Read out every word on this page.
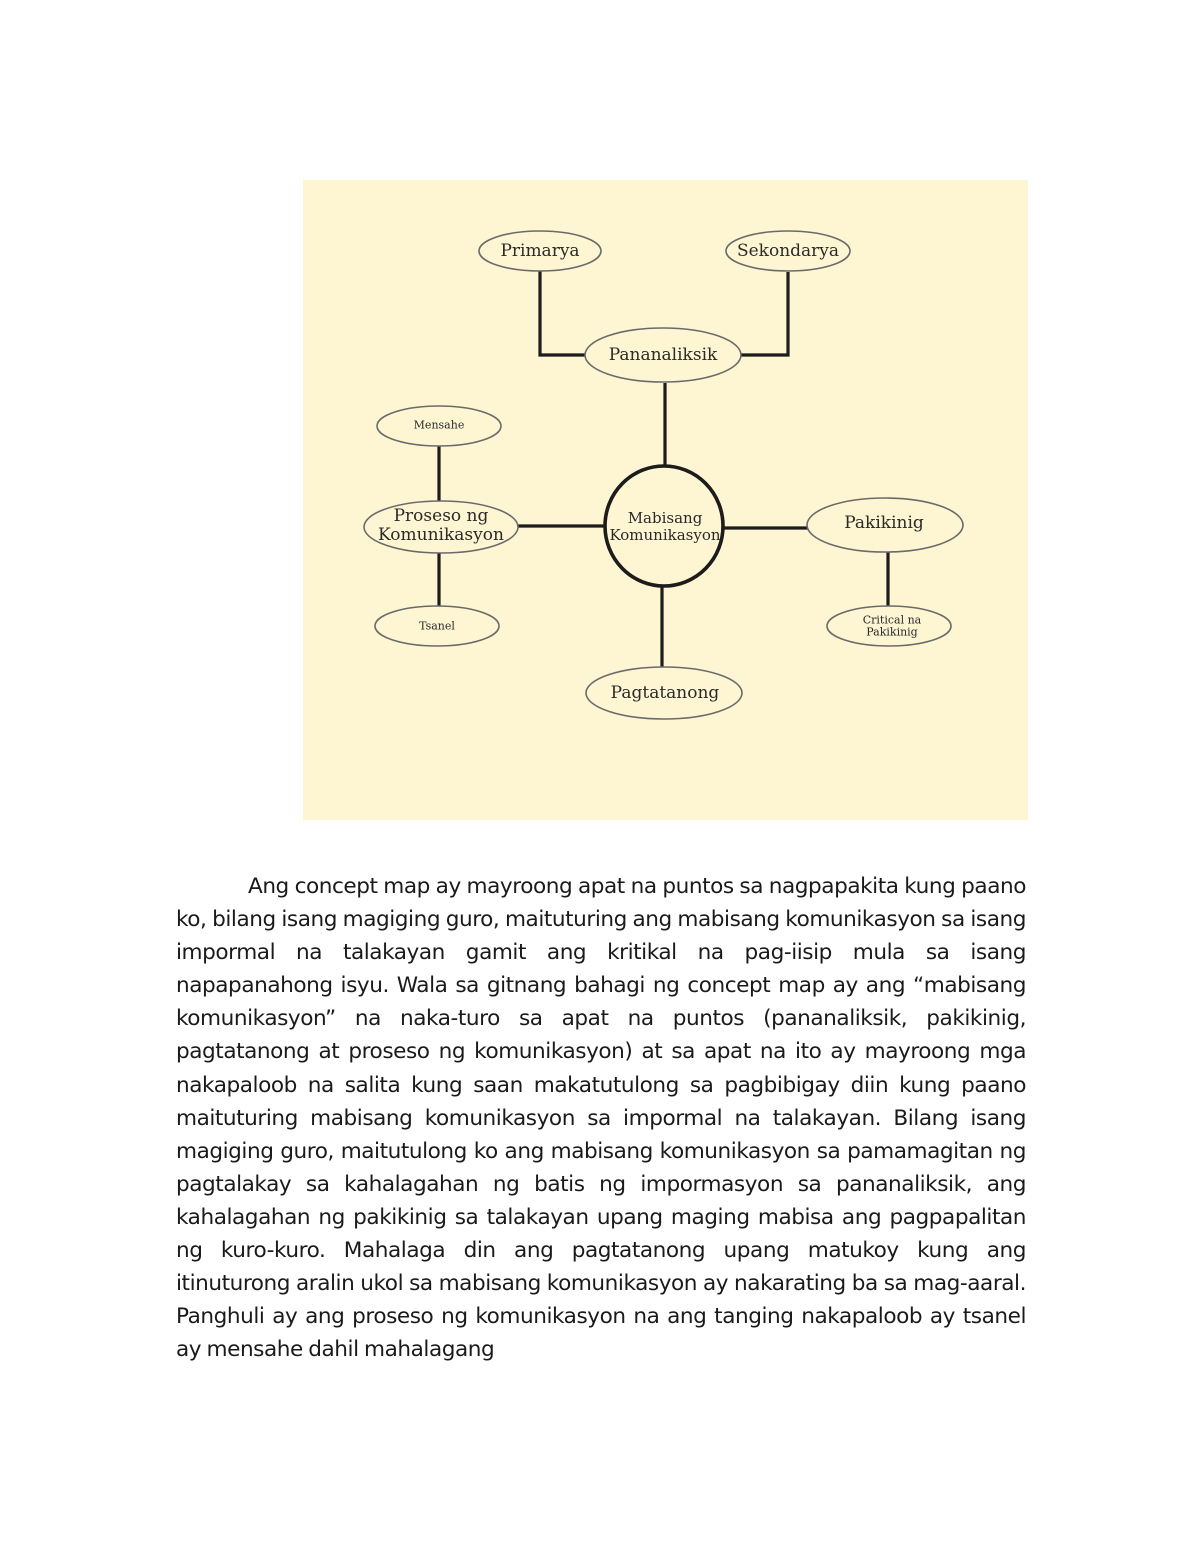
Primarya	Sekondarya
Pananaliksik
Mensahe
Proseso ng
Komunikasyon
Tsanel
Mabisang
Komunikasyon
Pakikinig
Critical na
Pakikinig
Pagtatanong

Ang concept map ay mayroong apat na puntos sa nagpapakita kung paano ko, bilang isang magiging guro, maituturing ang mabisang komunikasyon sa isang impormal na talakayan gamit ang kritikal na pag-iisip mula sa isang napapanahong isyu. Wala sa gitnang bahagi ng concept map ay ang “mabisang komunikasyon” na naka-turo sa apat na puntos (pananaliksik, pakikinig, pagtatanong at proseso ng komunikasyon) at sa apat na ito ay mayroong mga nakapaloob na salita kung saan makatutulong sa pagbibigay diin kung paano maituturing mabisang komunikasyon sa impormal na talakayan. Bilang isang magiging guro, maitutulong ko ang mabisang komunikasyon sa pamamagitan ng pagtalakay sa kahalagahan ng batis ng impormasyon sa pananaliksik, ang kahalagahan ng pakikinig sa talakayan upang maging mabisa ang pagpapalitan ng kuro-kuro. Mahalaga din ang pagtatanong upang matukoy kung ang itinuturong aralin ukol sa mabisang komunikasyon ay nakarating ba sa mag-aaral. Panghuli ay ang proseso ng komunikasyon na ang tanging nakapaloob ay tsanel ay mensahe dahil mahalagang
